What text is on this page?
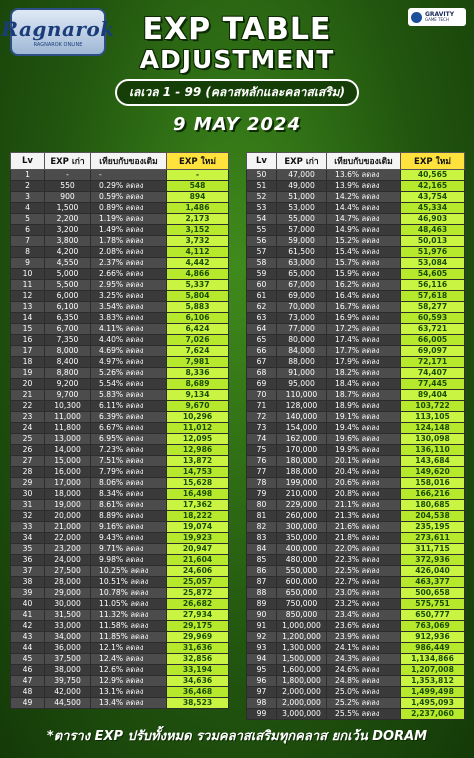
Ragnarok
RAGNAROK ONLINE
GRAVITY
GAME TECH
EXP TABLE
ADJUSTMENT
เลเวล 1 - 99 (คลาสหลักและคลาสเสริม)
9 MAY 2024
Lv	EXP เก่า	เทียบกับของเดิม	EXP ใหม่
1	-	-	-
2	550	0.29% ลดลง	548
3	900	0.59% ลดลง	894
4	1,500	0.89% ลดลง	1,486
5	2,200	1.19% ลดลง	2,173
6	3,200	1.49% ลดลง	3,152
7	3,800	1.78% ลดลง	3,732
8	4,200	2.08% ลดลง	4,112
9	4,550	2.37% ลดลง	4,442
10	5,000	2.66% ลดลง	4,866
11	5,500	2.95% ลดลง	5,337
12	6,000	3.25% ลดลง	5,804
13	6,100	3.54% ลดลง	5,883
14	6,350	3.83% ลดลง	6,106
15	6,700	4.11% ลดลง	6,424
16	7,350	4.40% ลดลง	7,026
17	8,000	4.69% ลดลง	7,624
18	8,400	4.97% ลดลง	7,981
19	8,800	5.26% ลดลง	8,336
20	9,200	5.54% ลดลง	8,689
21	9,700	5.83% ลดลง	9,134
22	10,300	6.11% ลดลง	9,670
23	11,000	6.39% ลดลง	10,296
24	11,800	6.67% ลดลง	11,012
25	13,000	6.95% ลดลง	12,095
26	14,000	7.23% ลดลง	12,986
27	15,000	7.51% ลดลง	13,872
28	16,000	7.79% ลดลง	14,753
29	17,000	8.06% ลดลง	15,628
30	18,000	8.34% ลดลง	16,498
31	19,000	8.61% ลดลง	17,362
32	20,000	8.89% ลดลง	18,222
33	21,000	9.16% ลดลง	19,074
34	22,000	9.43% ลดลง	19,923
35	23,200	9.71% ลดลง	20,947
36	24,000	9.98% ลดลง	21,604
37	27,500	10.25% ลดลง	24,606
38	28,000	10.51% ลดลง	25,057
39	29,000	10.78% ลดลง	25,872
40	30,000	11.05% ลดลง	26,682
41	31,500	11.32% ลดลง	27,934
42	33,000	11.58% ลดลง	29,175
43	34,000	11.85% ลดลง	29,969
44	36,000	12.1% ลดลง	31,636
45	37,500	12.4% ลดลง	32,856
46	38,000	12.6% ลดลง	33,194
47	39,750	12.9% ลดลง	34,636
48	42,000	13.1% ลดลง	36,468
49	44,500	13.4% ลดลง	38,523
Lv	EXP เก่า	เทียบกับของเดิม	EXP ใหม่
50	47,000	13.6% ลดลง	40,565
51	49,000	13.9% ลดลง	42,165
52	51,000	14.2% ลดลง	43,754
53	53,000	14.4% ลดลง	45,334
54	55,000	14.7% ลดลง	46,903
55	57,000	14.9% ลดลง	48,463
56	59,000	15.2% ลดลง	50,013
57	61,500	15.4% ลดลง	51,976
58	63,000	15.7% ลดลง	53,084
59	65,000	15.9% ลดลง	54,605
60	67,000	16.2% ลดลง	56,116
61	69,000	16.4% ลดลง	57,618
62	70,000	16.7% ลดลง	58,277
63	73,000	16.9% ลดลง	60,593
64	77,000	17.2% ลดลง	63,721
65	80,000	17.4% ลดลง	66,005
66	84,000	17.7% ลดลง	69,097
67	88,000	17.9% ลดลง	72,171
68	91,000	18.2% ลดลง	74,407
69	95,000	18.4% ลดลง	77,445
70	110,000	18.7% ลดลง	89,404
71	128,000	18.9% ลดลง	103,722
72	140,000	19.1% ลดลง	113,105
73	154,000	19.4% ลดลง	124,148
74	162,000	19.6% ลดลง	130,098
75	170,000	19.9% ลดลง	136,110
76	180,000	20.1% ลดลง	143,684
77	188,000	20.4% ลดลง	149,620
78	199,000	20.6% ลดลง	158,016
79	210,000	20.8% ลดลง	166,216
80	229,000	21.1% ลดลง	180,685
81	260,000	21.3% ลดลง	204,538
82	300,000	21.6% ลดลง	235,195
83	350,000	21.8% ลดลง	273,611
84	400,000	22.0% ลดลง	311,715
85	480,000	22.3% ลดลง	372,936
86	550,000	22.5% ลดลง	426,040
87	600,000	22.7% ลดลง	463,377
88	650,000	23.0% ลดลง	500,658
89	750,000	23.2% ลดลง	575,751
90	850,000	23.4% ลดลง	650,777
91	1,000,000	23.6% ลดลง	763,069
92	1,200,000	23.9% ลดลง	912,936
93	1,300,000	24.1% ลดลง	986,449
94	1,500,000	24.3% ลดลง	1,134,866
95	1,600,000	24.6% ลดลง	1,207,008
96	1,800,000	24.8% ลดลง	1,353,812
97	2,000,000	25.0% ลดลง	1,499,498
98	2,000,000	25.2% ลดลง	1,495,093
99	3,000,000	25.5% ลดลง	2,237,060
*ตาราง EXP ปรับทั้งหมด รวมคลาสเสริมทุกคลาส ยกเว้น DORAM
